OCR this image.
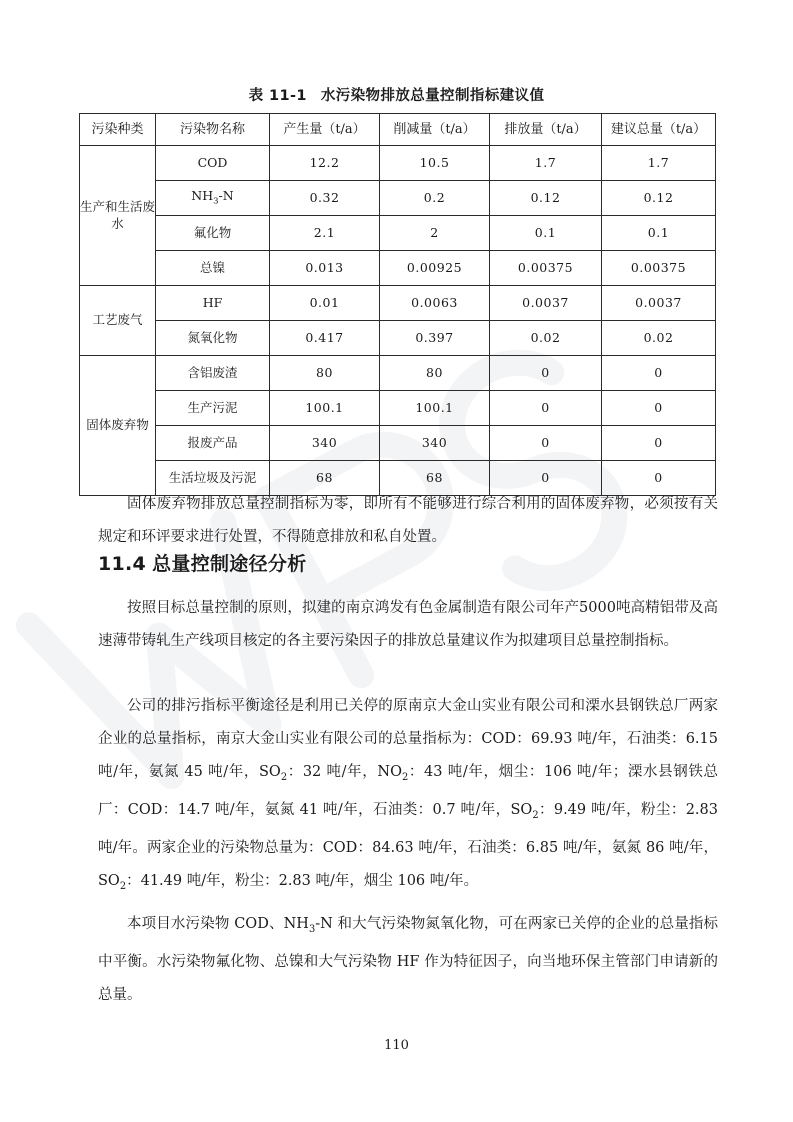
表 11-1 水污染物排放总量控制指标建议值
污染种类	污染物名称	产生量（t/a）	削减量（t/a）	排放量（t/a）	建议总量（t/a）
生产和生活废水	COD	12.2	10.5	1.7	1.7
	$NH_3-N$	0.32	0.2	0.12	0.12
	氟化物	2.1	2	0.1	0.1
	总镍	0.013	0.00925	0.00375	0.00375
工艺废气	HF	0.01	0.0063	0.0037	0.0037
	氮氧化物	0.417	0.397	0.02	0.02
固体废弃物	含铝废渣	80	80	0	0
	生产污泥	100.1	100.1	0	0
	报废产品	340	340	0	0
	生活垃圾及污泥	68	68	0	0

固体废弃物排放总量控制指标为零，即所有不能够进行综合利用的固体废弃物，必须按有关规定和环评要求进行处置，不得随意排放和私自处置。

11.4 总量控制途径分析

按照目标总量控制的原则，拟建的南京鸿发有色金属制造有限公司年产5000吨高精铝带及高速薄带铸轧生产线项目核定的各主要污染因子的排放总量建议作为拟建项目总量控制指标。

公司的排污指标平衡途径是利用已关停的原南京大金山实业有限公司和溧水县钢铁总厂两家企业的总量指标，南京大金山实业有限公司的总量指标为：COD：69.93 吨/年，石油类：6.15 吨/年，氨氮 45 吨/年，$SO_2$：32 吨/年，$NO_2$：43 吨/年，烟尘：106 吨/年；溧水县钢铁总厂：COD：14.7 吨/年，氨氮 41 吨/年，石油类：0.7 吨/年，$SO_2$：9.49 吨/年，粉尘：2.83 吨/年。两家企业的污染物总量为：COD：84.63 吨/年，石油类：6.85 吨/年，氨氮 86 吨/年，$SO_2$：41.49 吨/年，粉尘：2.83 吨/年，烟尘 106 吨/年。

本项目水污染物 COD、$NH_3-N$ 和大气污染物氮氧化物，可在两家已关停的企业的总量指标中平衡。水污染物氟化物、总镍和大气污染物 HF 作为特征因子，向当地环保主管部门申请新的总量。

110
